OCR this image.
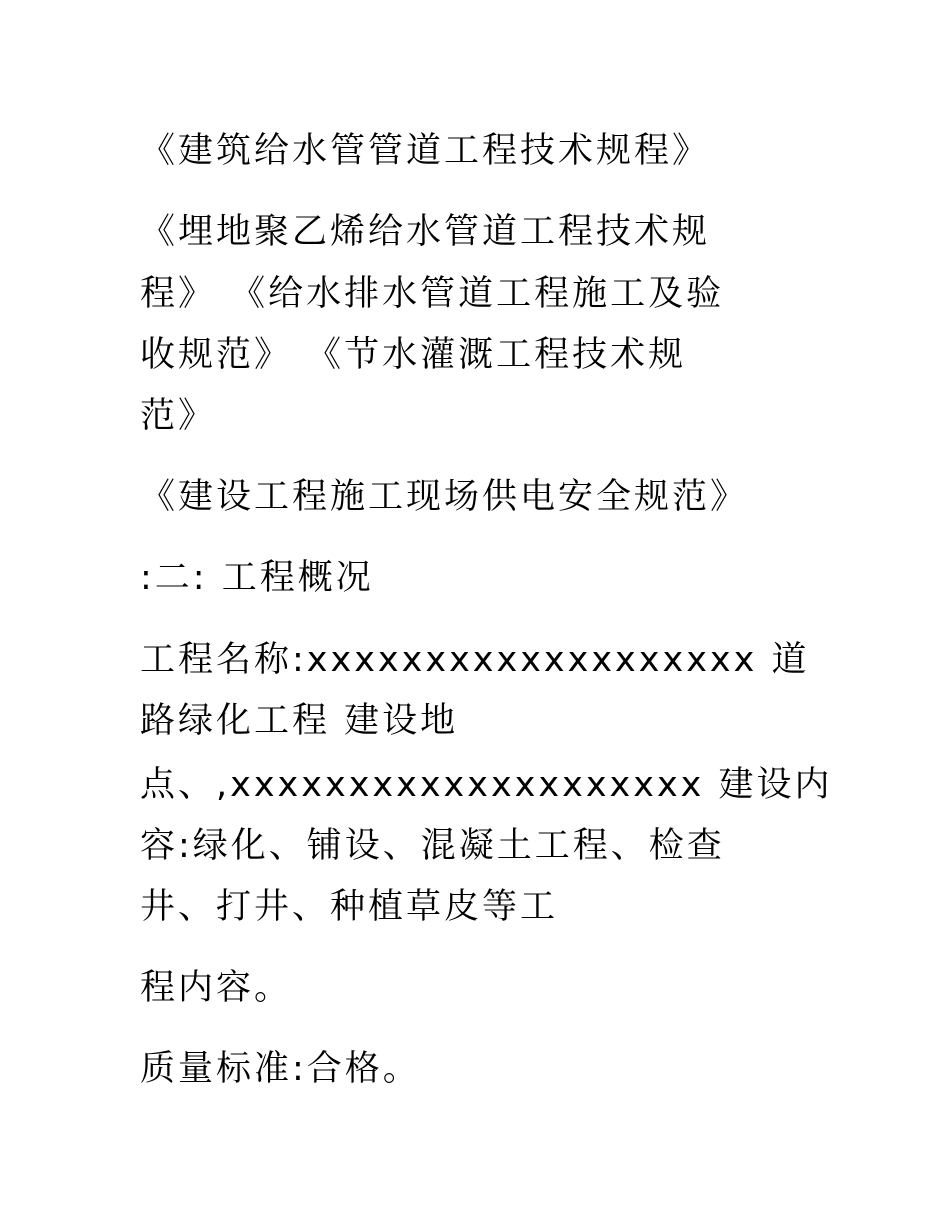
《建筑给水管管道工程技术规程》
《埋地聚乙烯给水管道工程技术规
程》 《给水排水管道工程施工及验
收规范》 《节水灌溉工程技术规
范》
《建设工程施工现场供电安全规范》
:二: 工程概况
工程名称:xxxxxxxxxxxxxxxxxxx 道
路绿化工程 建设地
点、,xxxxxxxxxxxxxxxxxxxx 建设内
容:绿化、铺设、混凝土工程、检查
井、打井、种植草皮等工
程内容。
质量标准:合格。
